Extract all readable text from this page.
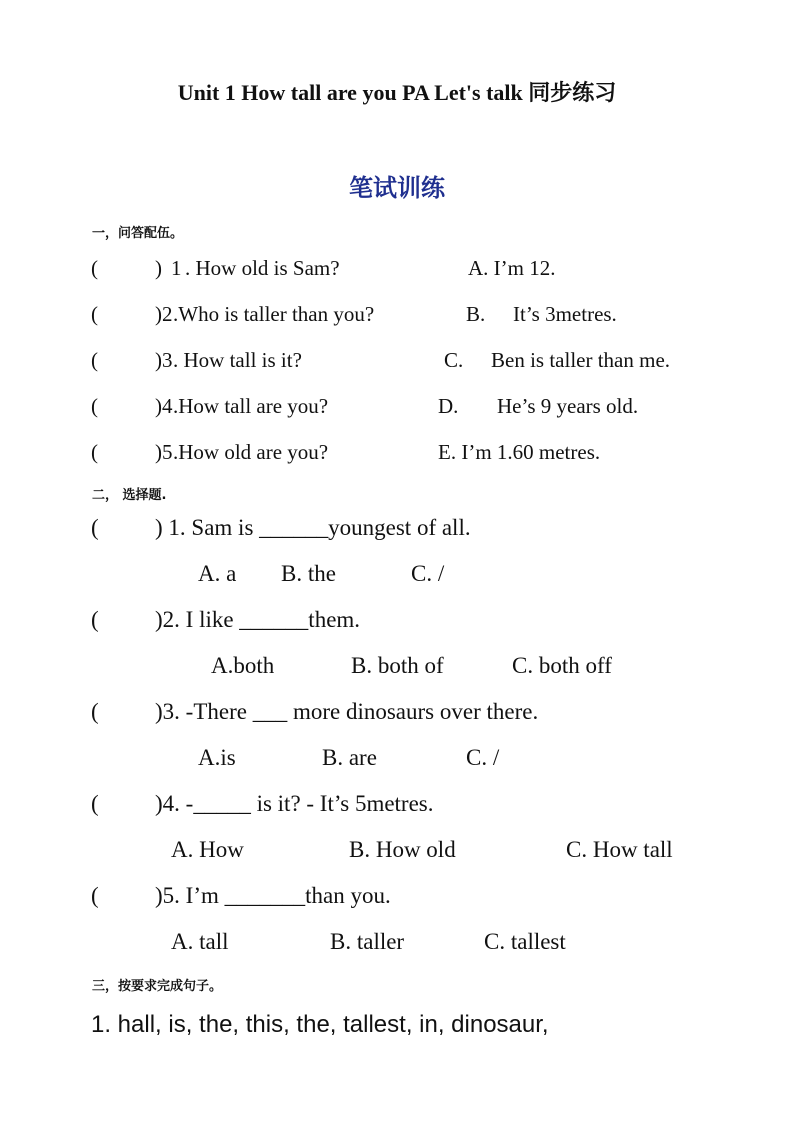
Unit 1 How tall are you PA Let's talk 同步练习
笔试训练
一，问答配伍。
(	) 1 . How old is Sam?	A. I’m 12.
(	) 2 .Who is taller than you?	B. It’s 3metres.
(	) 3 . How tall is it?	C. Ben is taller than me.
(	) 4 .How tall are you?	D. He’s 9 years old.
(	) 5 .How old are you?	E. I’m 1.60 metres.
二， 选择题.
( ) 1. Sam is ______youngest of all.
A. a B. the	C. /
( )2. I like ______them.
A.both	B. both of	C. both off
( )3. -There ___ more dinosaurs over there.
A.is	B. are	C. /
( )4. -_____ is it? - It’s 5metres.
A. How	B. How old	C. How tall
( )5. I’m _______than you.
A. tall	B. taller	C. tallest
三，按要求完成句子。
1. hall, is, the, this, the, tallest, in, dinosaur,
